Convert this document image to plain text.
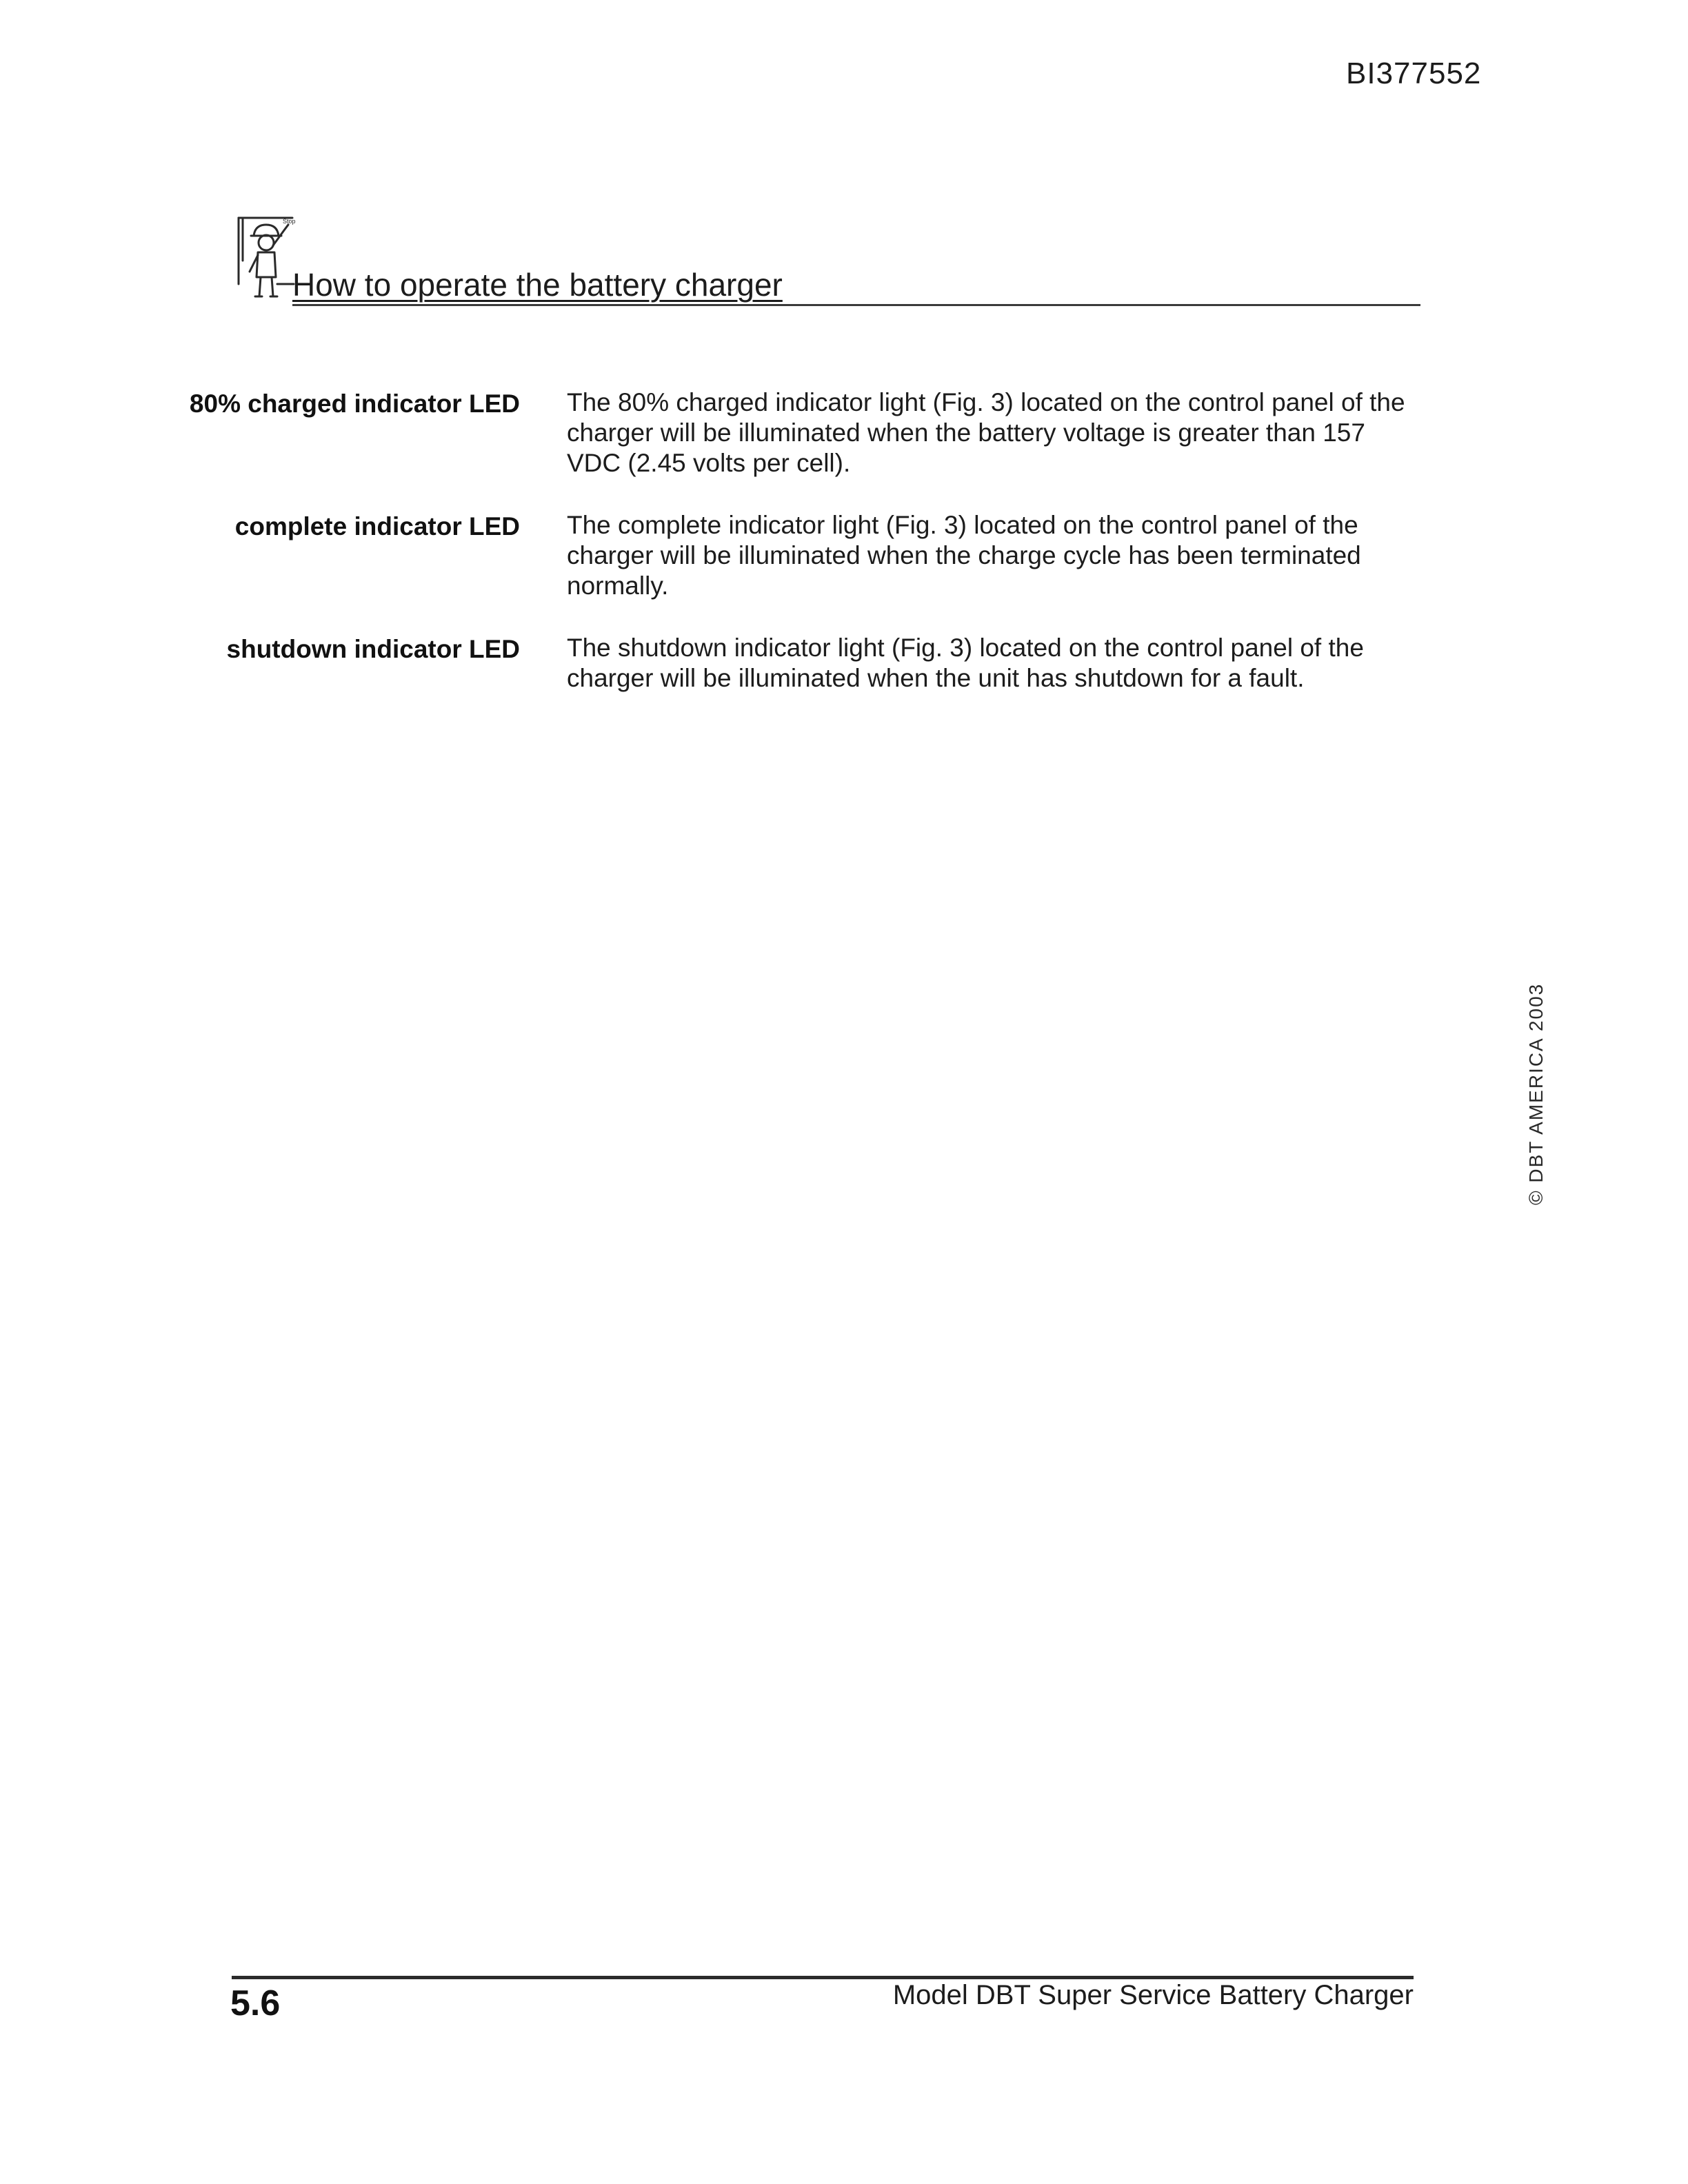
BI377552
Stop
How to operate the battery charger
80% charged indicator LED The 80% charged indicator light (Fig. 3) located on the control panel of the charger will be illuminated when the battery voltage is greater than 157 VDC (2.45 volts per cell).
complete indicator LED The complete indicator light (Fig. 3) located on the control panel of the charger will be illuminated when the charge cycle has been terminated normally.
shutdown indicator LED The shutdown indicator light (Fig. 3) located on the control panel of the charger will be illuminated when the unit has shutdown for a fault.
© DBT AMERICA 2003
5.6	Model DBT Super Service Battery Charger
